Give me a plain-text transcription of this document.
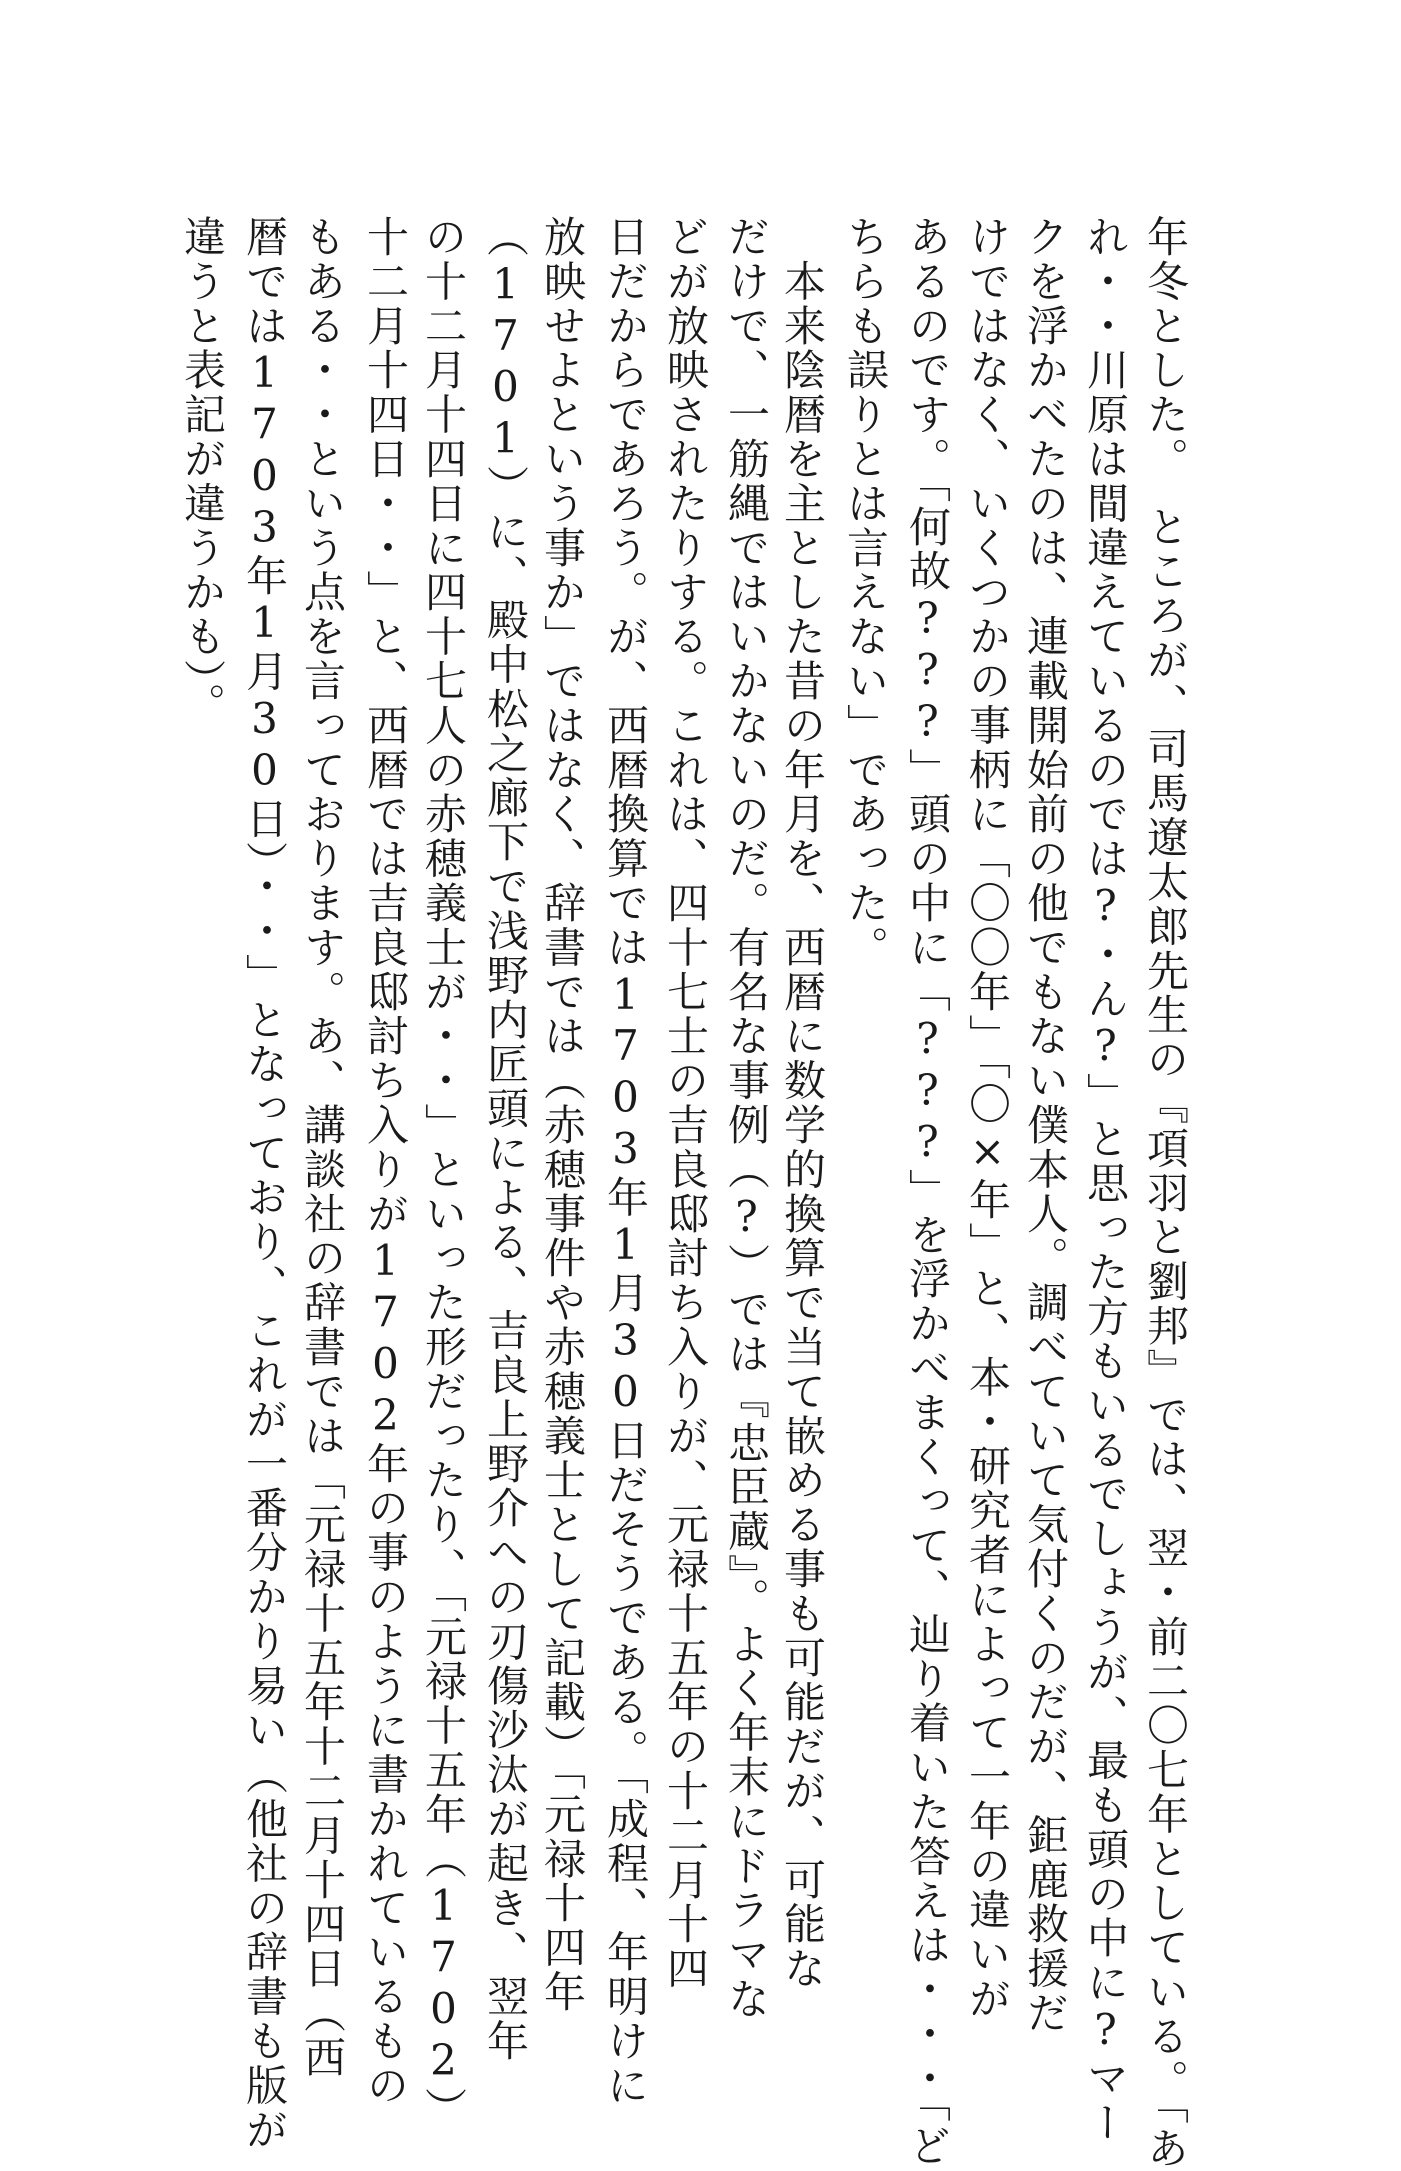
年冬とした。　ところが、司馬遼太郎先生の『項羽と劉邦』では、翌・前二〇七年としている。「あ
れ・・川原は間違えているのでは?・ん?」と思った方もいるでしょうが、最も頭の中に?マー
クを浮かべたのは、連載開始前の他でもない僕本人。調べていて気付くのだが、鉅鹿救援だ
けではなく、いくつかの事柄に「〇〇年」「〇×年」と、本・研究者によって一年の違いが
あるのです。「何故???」頭の中に「???」を浮かべまくって、辿り着いた答えは・・・「ど
ちらも誤りとは言えない」であった。
　本来陰暦を主とした昔の年月を、西暦に数学的換算で当て嵌める事も可能だが、可能な
だけで、一筋縄ではいかないのだ。有名な事例（?）では『忠臣蔵』。よく年末にドラマな
どが放映されたりする。これは、四十七士の吉良邸討ち入りが、元禄十五年の十二月十四
日だからであろう。が、西暦換算では1703年1月30日だそうである。「成程、年明けに
放映せよという事か」ではなく、辞書では（赤穂事件や赤穂義士として記載）「元禄十四年
（1701）に、殿中松之廊下で浅野内匠頭による、吉良上野介への刃傷沙汰が起き、翌年
の十二月十四日に四十七人の赤穂義士が・・」といった形だったり、「元禄十五年（1702）
十二月十四日・・」と、西暦では吉良邸討ち入りが1702年の事のように書かれているもの
もある・・という点を言っております。あ、講談社の辞書では「元禄十五年十二月十四日（西
暦では1703年1月30日）・・」となっており、これが一番分かり易い（他社の辞書も版が
違うと表記が違うかも）。
